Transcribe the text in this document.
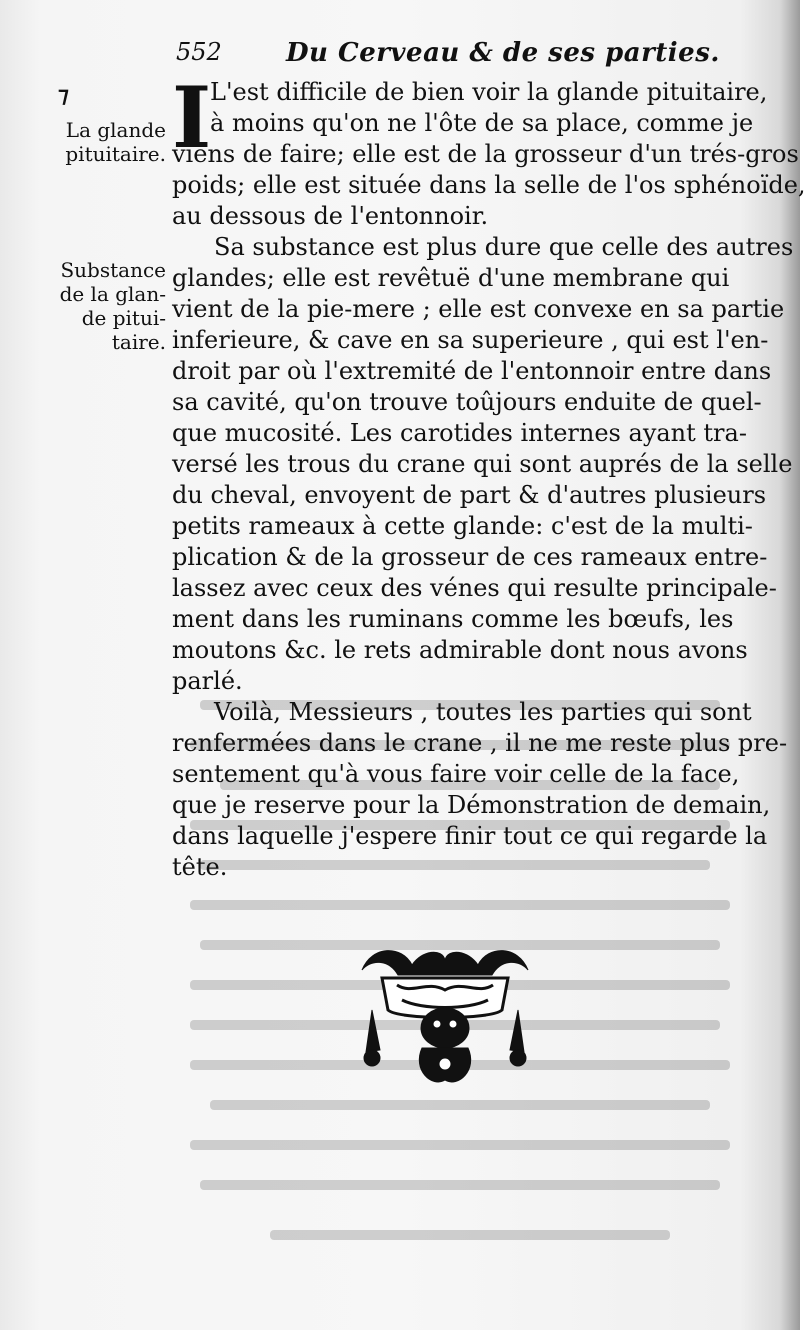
552 Du Cerveau & de ses parties.
⁊
La glande
pituitaire.
Substance
de la glan-
de pitui-
taire.
I
L'est difficile de bien voir la glande pituitaire,
à moins qu'on ne l'ôte de sa place, comme je
viens de faire; elle est de la grosseur d'un trés-gros
poids; elle est située dans la selle de l'os sphénoïde,
au dessous de l'entonnoir.
Sa substance est plus dure que celle des autres
glandes; elle est revêtuë d'une membrane qui
vient de la pie-mere ; elle est convexe en sa partie
inferieure, & cave en sa superieure , qui est l'en-
droit par où l'extremité de l'entonnoir entre dans
sa cavité, qu'on trouve toûjours enduite de quel-
que mucosité. Les carotides internes ayant tra-
versé les trous du crane qui sont auprés de la selle
du cheval, envoyent de part & d'autres plusieurs
petits rameaux à cette glande: c'est de la multi-
plication & de la grosseur de ces rameaux entre-
lassez avec ceux des vénes qui resulte principale-
ment dans les ruminans comme les bœufs, les
moutons &c. le rets admirable dont nous avons
parlé.
Voilà, Messieurs , toutes les parties qui sont
renfermées dans le crane , il ne me reste plus pre-
sentement qu'à vous faire voir celle de la face,
que je reserve pour la Démonstration de demain,
dans laquelle j'espere finir tout ce qui regarde la
tête.
